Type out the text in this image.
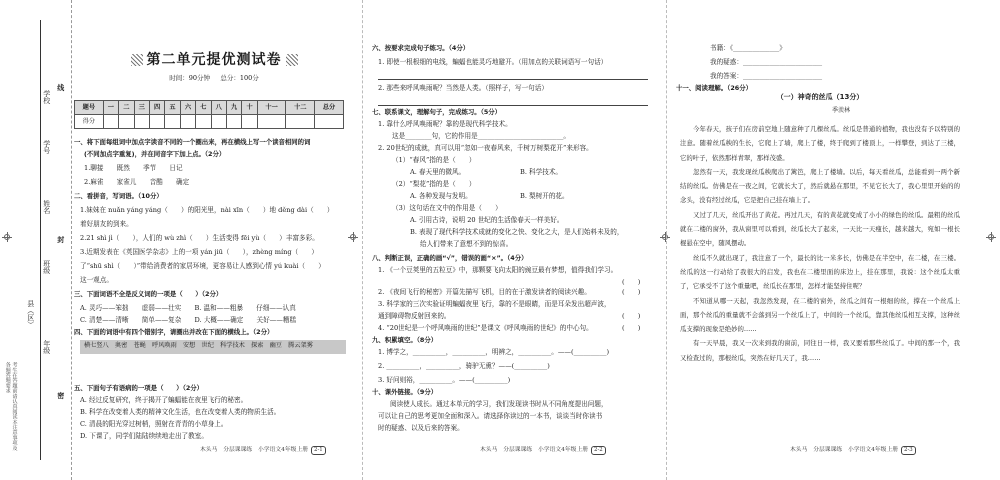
学校
学号
姓名
班级
年级
县（区）
线
封
密
考生在答题前请认真阅读本注意事项及各题答题要求
第二单元提优测试卷
时间：90分钟 总分：100分
题号	一	二	三	四	五	六	七	八	九	十	十一	十二	总分
得分													
一、将下面每组词中加点字读音不同的一个圈出来，再在横线上写一个读音相同的词
(不同加点字重复)，并在同音字下加上点。（2分）
1.聊接　　既然　　季节　　日记
2.麻雀　　家雀儿　　音酷　　确定
二、看拼音，写词语。（10分）
1.妹妹在 nuǎn yáng yáng（　　）的阳光里，nài xīn（　　）地 děng dài（　　）
着好朋友的到来。
2.21 shì jì（　　），人们的 wù zhì（　　）生活变得 fēi yù（　　）丰富多彩。
3.近期发表在《英国医学杂志》上的一项 yán jiū（　　），zhèng míng（　　）
了“shū shì（　　）”带给消费者的家居环境，更容易让人感到心情 yú kuài（　　）
这一观点。
三、下面词语不全是反义词的一项是（　　）（2分）
A. 灵巧——笨拙　　虚弱——壮实　　B. 温和——粗暴　　仔细——认真
C. 清楚——清晰　　简单——复杂　　D. 大概——确定　　关好——糟糕
四、下面的词语中有四个错别字，请圈出并改在下面的横线上。（2分）
横七竖八　奥密　苍蝇　呼风唤雨　安想　世纪　科学技术　探索　幽豆　腾云架雾
五、下面句子有语病的一项是（　　）（2分）
A. 经过反复研究，终于揭开了蝙蝠能在夜里飞行的秘密。
B. 科学在改变着人类的精神文化生活，也在改变着人类的物质生活。
C. 清晨的阳光穿过树梢，照射在青青的小草身上。
D. 下课了，同学们陆陆续续地走出了教室。
木头马　分层课课练　小学语文4年级上册 2-1
六、按要求完成句子练习。（4分）
1. 即使一根根细的电线，蝙蝠也能灵巧地避开。（用加点的关联词语写一句话）
2. 那些来呼风唤雨呢？当然是人类。（照样子，写一句话）
七、联系课文，理解句子，完成练习。（5分）
1. 靠什么呼风唤雨呢？靠的是现代科学技术。
这是________句，它的作用是__________________________。
2. 20世纪的成就，真可以用“忽如一夜春风来，千树万树梨花开”来形容。
（1）“春风”指的是（　　）
A. 春天里的微风。	B. 科学技术。
（2）“梨花”指的是（　　）
A. 各种发现与发明。	B. 梨树开的花。
（3）这句话在文中的作用是（　　）
A. 引用古诗，说明 20 世纪的生活像春天一样美好。
B. 表现了现代科学技术成就的变化之快、变化之大，是人们始料未及的，
给人们带来了意想不到的惊喜。
八、判断正误，正确的画“√”，错误的画“×”。（4分）
1. 《一个豆荚里的五粒豆》中，那颗要飞向太阳的豌豆最有梦想，值得我们学习。
(　　)
2. 《夜间飞行的秘密》开篇先描写飞机，目的在于激发读者的阅读兴趣。	(　　)
3. 科学家的三次实验证明蝙蝠夜里飞行，靠的不是眼睛，而是耳朵发出超声波，
通到障碍物反射回来的。	(　　)
4. “20世纪是一个呼风唤雨的世纪”是课文《呼风唤雨的世纪》的中心句。	(　　)
九、积累填空。（8分）
1. 博学之，__________，__________，明辨之，__________。——(__________)
2. __________，__________，骑驴无熏？——(__________)
3. 好问则裕，__________。——(__________)
十、课外链接。（9分）
阅读使人成长。通过本单元的学习，我们发现读书时从不同角度提出问题，
可以让自己的思考更加全面和深入。请选择你读过的一本书，谈谈当时你读书
时的疑惑、以及后来的答案。
木头马　分层课课练　小学语文4年级上册 2-2
书籍：《______________》
我的疑惑：________________________
我的答案：________________________
十一、阅读理解。（26分）
（一）神奇的丝瓜（13分）
季羡林

今年春天，孩子们在房前空地上随意种了几棵丝瓜。丝瓜是普通的植物，我也没有予以特别的注意。随着丝瓜秧的生长，它爬上了墙，爬上了楼，终于爬到了楼顶上，一样攀登，到达了三楼，它的叶子，依然那样青翠，那样茂盛。

忽然有一天，我发现丝瓜秧爬出了篱笆，爬上了楼墙。以后，每天看丝瓜，总能看到一两个新结的丝瓜。仿佛是在一夜之间，它就长大了，然后就悬在那里，不见它长大了，我心里里开始的的念头，没有经过丝瓜，它是把自己挂在墙上了。

又过了几天，丝瓜开出了黄花。再过几天，有的黄花就变成了小小的绿色的丝瓜。最粗的丝瓜就在二楼的窗外，我从窗里可以看到，丝瓜长大了起来，一天比一天瘦长，越来越大，宛如一根长棍悬在空中，随风摆动。

丝瓜不久就出现了，我注意了一个，最长的比一米多长，仿佛是在半空中，在二楼，在三楼。丝瓜的这一行动给了我很大的启发，我也在二楼里面的床边上，挂在那里，我说：这个丝瓜太重了，它承受不了这个重量吧，丝瓜长在那里，怎样才能坚持住呢？

不知道从哪一天起，我忽然发现，在二楼的窗外，丝瓜之间有一根细的丝，撑在一个丝瓜上面，那个丝瓜的重量就不会落到另一个丝瓜上了，中间的一个丝瓜，靠其他丝瓜相互支撑，这种丝瓜支撑的现象是绝妙的……

有一天早晨，我又一次来到我的窗前，同往日一样，我又要看那些丝瓜了。中间的那一个，我又检查过的，那根丝瓜，突然在好几天了，我……

木头马　分层课课练　小学语文4年级上册 2-3
